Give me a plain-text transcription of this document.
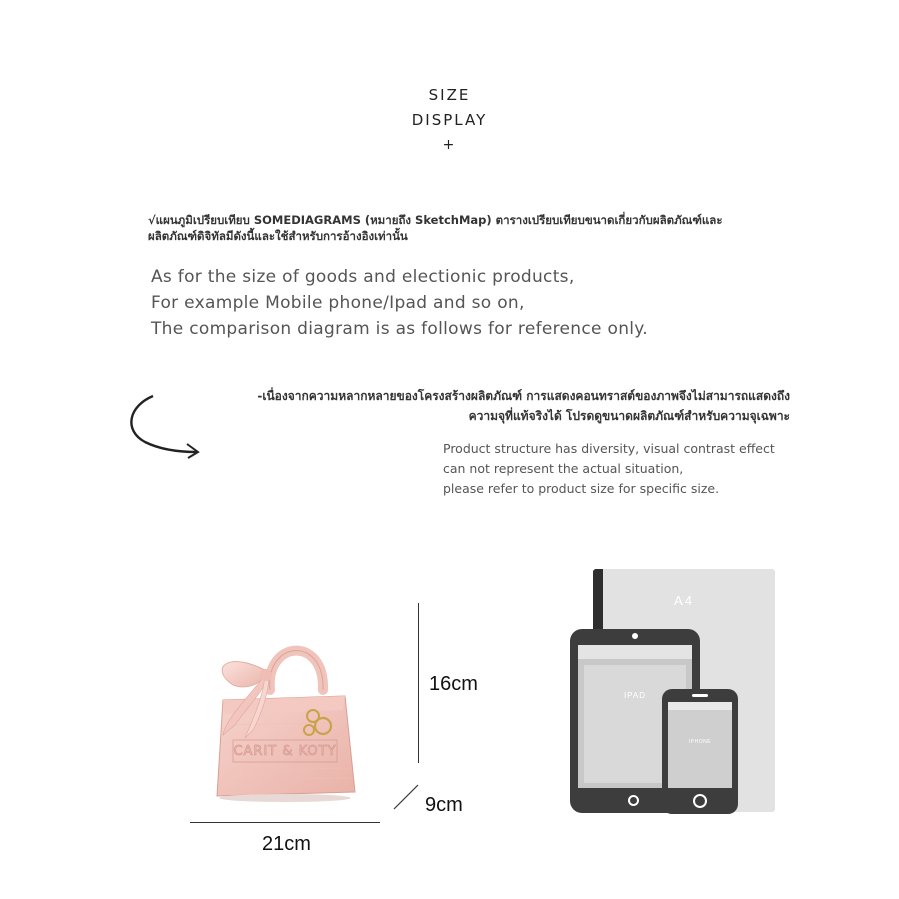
SIZE
DISPLAY
+
√แผนภูมิเปรียบเทียบ SOMEDIAGRAMS (หมายถึง SketchMap) ตารางเปรียบเทียบขนาดเกี่ยวกับผลิตภัณฑ์และ
ผลิตภัณฑ์ดิจิทัลมีดังนี้และใช้สำหรับการอ้างอิงเท่านั้น
As for the size of goods and electionic products,
For example Mobile phone/Ipad and so on,
The comparison diagram is as follows for reference only.
-เนื่องจากความหลากหลายของโครงสร้างผลิตภัณฑ์ การแสดงคอนทราสต์ของภาพจึงไม่สามารถแสดงถึง
ความจุที่แท้จริงได้ โปรดดูขนาดผลิตภัณฑ์สำหรับความจุเฉพาะ
Product structure has diversity, visual contrast effect
can not represent the actual situation,
please refer to product size for specific size.
CARIT & KOTY
16cm
9cm
21cm
A4
IPAD
IPHONE
